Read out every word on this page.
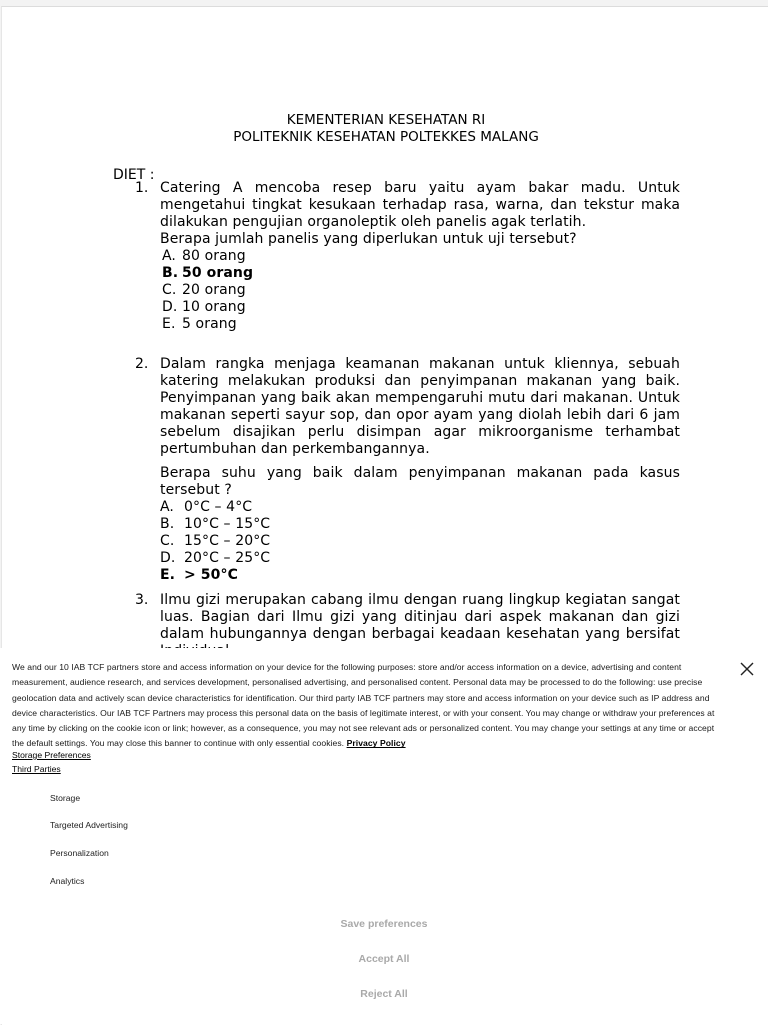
KEMENTERIAN KESEHATAN RI
POLITEKNIK KESEHATAN POLTEKKES MALANG
DIET :
1. Catering A mencoba resep baru yaitu ayam bakar madu. Untuk mengetahui tingkat kesukaan terhadap rasa, warna, dan tekstur maka dilakukan pengujian organoleptik oleh panelis agak terlatih.

Berapa jumlah panelis yang diperlukan untuk uji tersebut?

A. 80 orang
B. 50 orang
C. 20 orang
D. 10 orang
E. 5 orang
2. Dalam rangka menjaga keamanan makanan untuk kliennya, sebuah katering melakukan produksi dan penyimpanan makanan yang baik. Penyimpanan yang baik akan mempengaruhi mutu dari makanan. Untuk makanan seperti sayur sop, dan opor ayam yang diolah lebih dari 6 jam sebelum disajikan perlu disimpan agar mikroorganisme terhambat pertumbuhan dan perkembangannya.

Berapa suhu yang baik dalam penyimpanan makanan pada kasus tersebut ?

A. 0°C – 4°C
B. 10°C – 15°C
C. 15°C – 20°C
D. 20°C – 25°C
E. > 50°C
3. Ilmu gizi merupakan cabang ilmu dengan ruang lingkup kegiatan sangat luas. Bagian dari Ilmu gizi yang ditinjau dari aspek makanan dan gizi dalam hubungannya dengan berbagai keadaan kesehatan yang bersifat

We and our 10 IAB TCF partners store and access information on your device for the following purposes: store and/or access information on a device, advertising and content measurement, audience research, and services development, personalised advertising, and personalised content. Personal data may be processed to do the following: use precise geolocation data and actively scan device characteristics for identification. Our third party IAB TCF partners may store and access information on your device such as IP address and device characteristics. Our IAB TCF Partners may process this personal data on the basis of legitimate interest, or with your consent. You may change or withdraw your preferences at any time by clicking on the cookie icon or link; however, as a consequence, you may not see relevant ads or personalized content. You may change your settings at any time or accept the default settings. You may close this banner to continue with only essential cookies. Privacy Policy
Storage Preferences
Third Parties
Storage
Targeted Advertising
Personalization
Analytics
Save preferences
Accept All
Reject All
